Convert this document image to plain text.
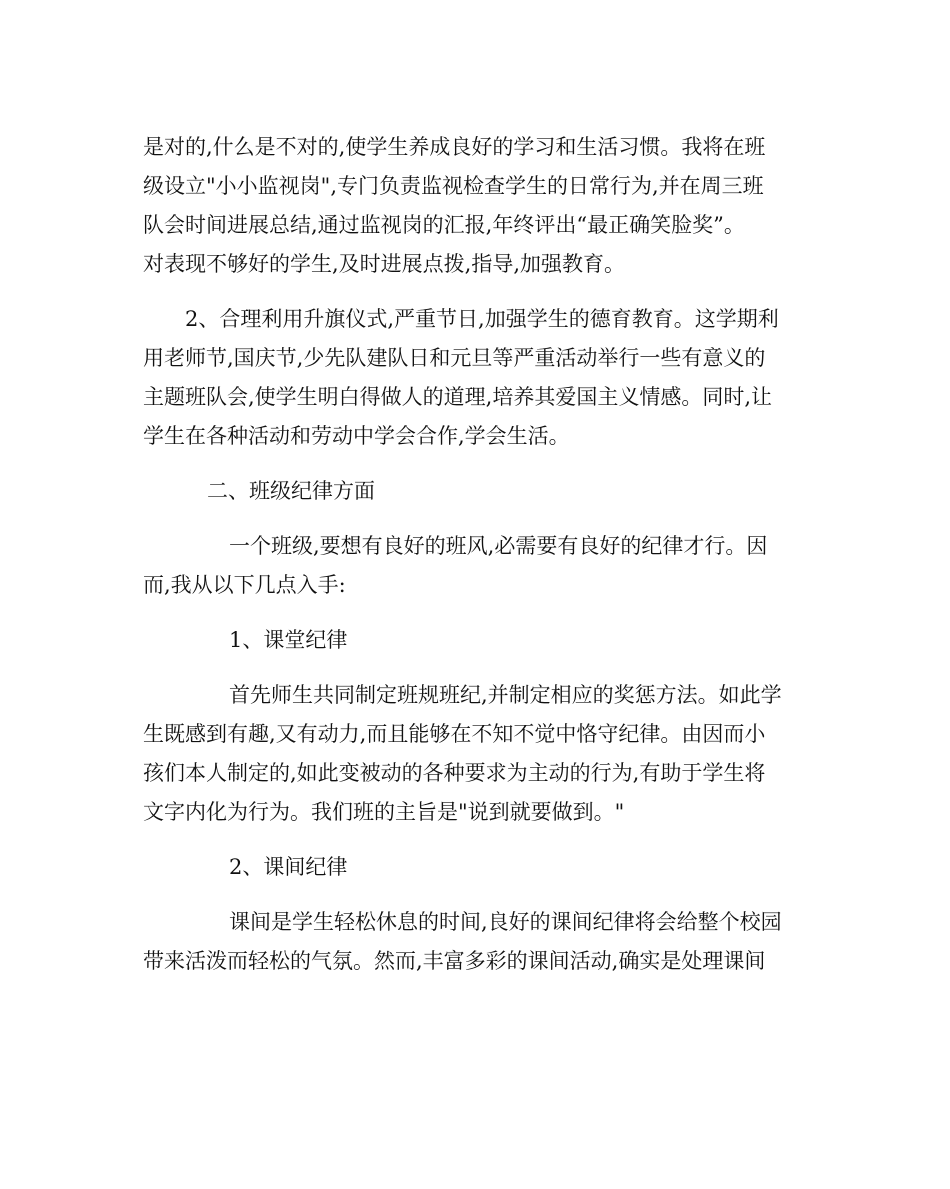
是对的,什么是不对的,使学生养成良好的学习和生活习惯。我将在班
级设立"小小监视岗",专门负责监视检查学生的日常行为,并在周三班
队会时间进展总结,通过监视岗的汇报,年终评出“最正确笑脸奖”。
对表现不够好的学生,及时进展点拨,指导,加强教育。
2、合理利用升旗仪式,严重节日,加强学生的德育教育。这学期利
用老师节,国庆节,少先队建队日和元旦等严重活动举行一些有意义的
主题班队会,使学生明白得做人的道理,培养其爱国主义情感。同时,让
学生在各种活动和劳动中学会合作,学会生活。
二、班级纪律方面
一个班级,要想有良好的班风,必需要有良好的纪律才行。因
而,我从以下几点入手:
1、课堂纪律
首先师生共同制定班规班纪,并制定相应的奖惩方法。如此学
生既感到有趣,又有动力,而且能够在不知不觉中恪守纪律。由因而小
孩们本人制定的,如此变被动的各种要求为主动的行为,有助于学生将
文字内化为行为。我们班的主旨是"说到就要做到。"
2、课间纪律
课间是学生轻松休息的时间,良好的课间纪律将会给整个校园
带来活泼而轻松的气氛。然而,丰富多彩的课间活动,确实是处理课间
